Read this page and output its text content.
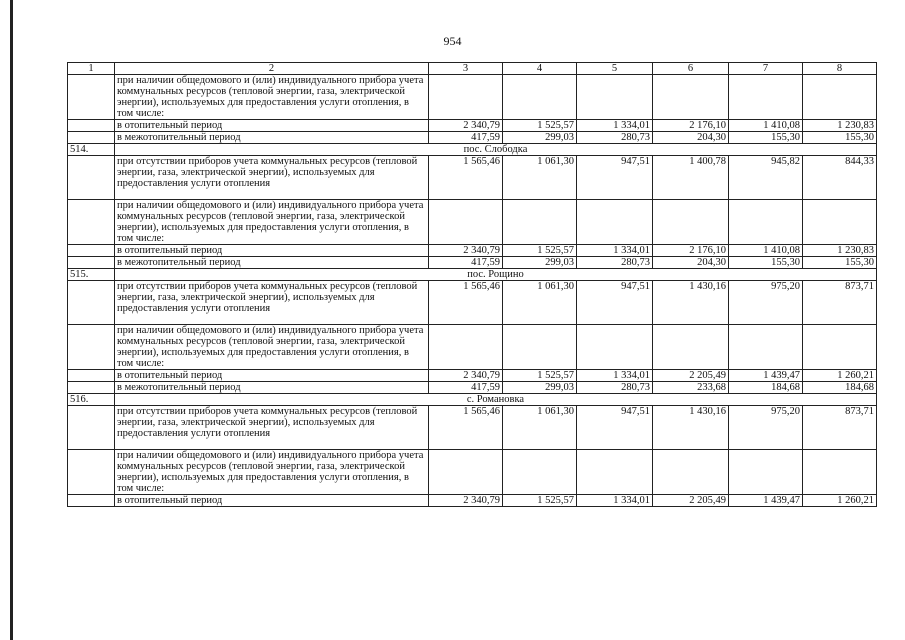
954
1	2	3	4	5	6	7	8
	при наличии общедомового и (или) индивидуального прибора учета коммунальных ресурсов (тепловой энергии, газа, электрической энергии), используемых для предоставления услуги отопления, в том числе:						
	в отопительный период	2 340,79	1 525,57	1 334,01	2 176,10	1 410,08	1 230,83
	в межотопительный период	417,59	299,03	280,73	204,30	155,30	155,30
514.	пос. Слободка						
	при отсутствии приборов учета коммунальных ресурсов (тепловой энергии, газа, электрической энергии), используемых для предоставления услуги отопления	1 565,46	1 061,30	947,51	1 400,78	945,82	844,33
	при наличии общедомового и (или) индивидуального прибора учета коммунальных ресурсов (тепловой энергии, газа, электрической энергии), используемых для предоставления услуги отопления, в том числе:						
	в отопительный период	2 340,79	1 525,57	1 334,01	2 176,10	1 410,08	1 230,83
	в межотопительный период	417,59	299,03	280,73	204,30	155,30	155,30
515.	пос. Рощино						
	при отсутствии приборов учета коммунальных ресурсов (тепловой энергии, газа, электрической энергии), используемых для предоставления услуги отопления	1 565,46	1 061,30	947,51	1 430,16	975,20	873,71
	при наличии общедомового и (или) индивидуального прибора учета коммунальных ресурсов (тепловой энергии, газа, электрической энергии), используемых для предоставления услуги отопления, в том числе:						
	в отопительный период	2 340,79	1 525,57	1 334,01	2 205,49	1 439,47	1 260,21
	в межотопительный период	417,59	299,03	280,73	233,68	184,68	184,68
516.	с. Романовка						
	при отсутствии приборов учета коммунальных ресурсов (тепловой энергии, газа, электрической энергии), используемых для предоставления услуги отопления	1 565,46	1 061,30	947,51	1 430,16	975,20	873,71
	при наличии общедомового и (или) индивидуального прибора учета коммунальных ресурсов (тепловой энергии, газа, электрической энергии), используемых для предоставления услуги отопления, в том числе:						
	в отопительный период	2 340,79	1 525,57	1 334,01	2 205,49	1 439,47	1 260,21
